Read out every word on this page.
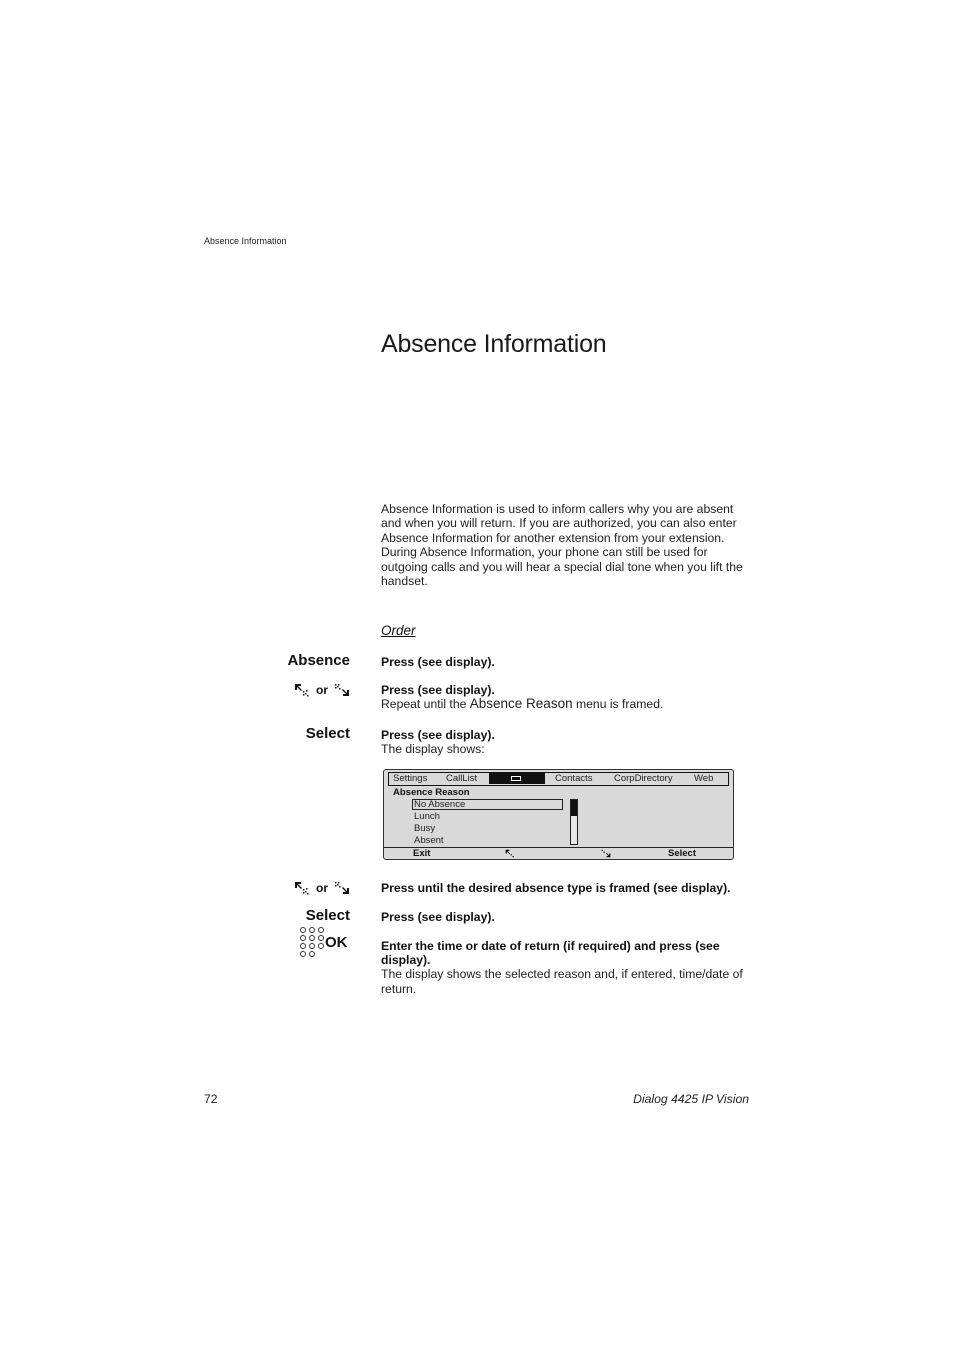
Absence Information
Absence Information
Absence Information is used to inform callers why you are absent and when you will return. If you are authorized, you can also enter Absence Information for another extension from your extension. During Absence Information, your phone can still be used for outgoing calls and you will hear a special dial tone when you lift the handset.
Order
Absence	Press (see display).
or	Press (see display).
Repeat until the Absence Reason menu is framed.
Select	Press (see display).
The display shows:
Settings CallList	Contacts CorpDirectory Web
Absence Reason
No Absence
Lunch
Busy
Absent
Exit	Select
or	Press until the desired absence type is framed (see display).
Select	Press (see display).
OK	Enter the time or date of return (if required) and press (see display).
The display shows the selected reason and, if entered, time/date of return.
72	Dialog 4425 IP Vision
